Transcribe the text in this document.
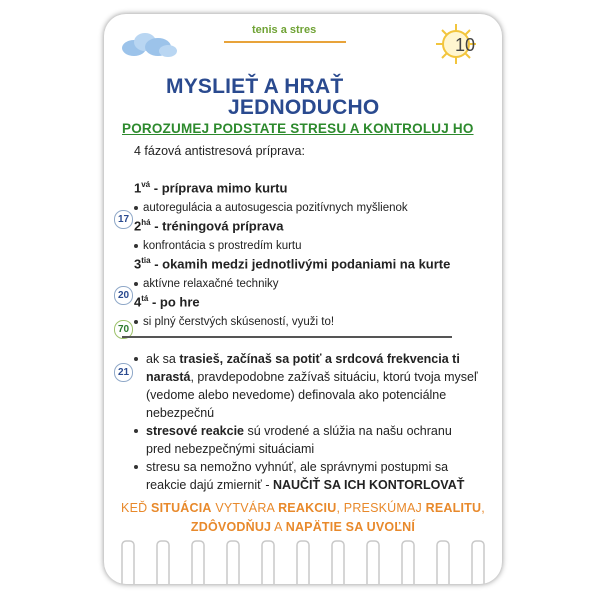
tenis a stres
10
MYSLIEŤ A HRAŤ
JEDNODUCHO
POROZUMEJ PODSTATE STRESU A KONTROLUJ HO
4 fázová antistresová príprava:
$1^{vá}$ - príprava mimo kurtu
autoregulácia a autosugescia pozitívnych myšlienok
$2^{há}$ - tréningová príprava
konfrontácia s prostredím kurtu
$3^{tia}$ - okamih medzi jednotlivými podaniami na kurte
aktívne relaxačné techniky
$4^{tá}$ - po hre
si plný čerstvých skúseností, využi to!
17
20
70
21
ak sa trasieš, začínaš sa potiť a srdcová frekvencia ti narastá, pravdepodobne zažívaš situáciu, ktorú tvoja myseľ (vedome alebo nevedome) definovala ako potenciálne nebezpečnú
stresové reakcie sú vrodené a slúžia na našu ochranu pred nebezpečnými situáciami
stresu sa nemožno vyhnúť, ale správnymi postupmi sa reakcie dajú zmierniť - NAUČIŤ SA ICH KONTORLOVAŤ
KEĎ SITUÁCIA VYTVÁRA REAKCIU, PRESKÚMAJ REALITU,
ZDÔVODŇUJ A NAPÄTIE SA UVOĽNÍ
